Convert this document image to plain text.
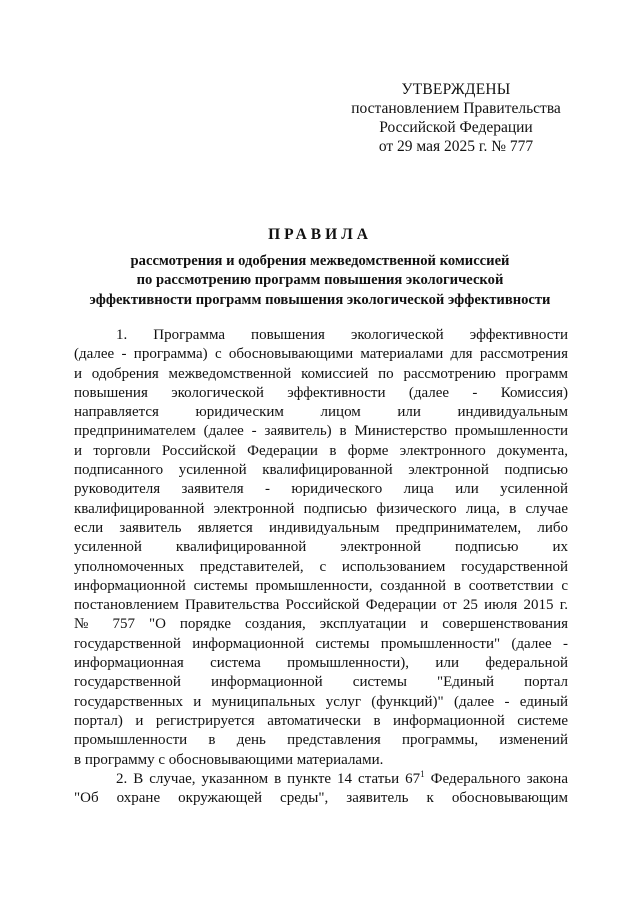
УТВЕРЖДЕНЫ
постановлением Правительства
Российской Федерации
от 29 мая 2025 г. № 777
ПРАВИЛА
рассмотрения и одобрения межведомственной комиссией
по рассмотрению программ повышения экологической
эффективности программ повышения экологической эффективности
1. Программа повышения экологической эффективности
(далее - программа) с обосновывающими материалами для рассмотрения
и одобрения межведомственной комиссией по рассмотрению программ
повышения экологической эффективности (далее - Комиссия)
направляется юридическим лицом или индивидуальным
предпринимателем (далее - заявитель) в Министерство промышленности
и торговли Российской Федерации в форме электронного документа,
подписанного усиленной квалифицированной электронной подписью
руководителя заявителя - юридического лица или усиленной
квалифицированной электронной подписью физического лица, в случае
если заявитель является индивидуальным предпринимателем, либо
усиленной квалифицированной электронной подписью их
уполномоченных представителей, с использованием государственной
информационной системы промышленности, созданной в соответствии с
постановлением Правительства Российской Федерации от 25 июля 2015 г.
№ 757 "О порядке создания, эксплуатации и совершенствования
государственной информационной системы промышленности" (далее -
информационная система промышленности), или федеральной
государственной информационной системы "Единый портал
государственных и муниципальных услуг (функций)" (далее - единый
портал) и регистрируется автоматически в информационной системе
промышленности в день представления программы, изменений
в программу с обосновывающими материалами.
2. В случае, указанном в пункте 14 статьи $67^1$ Федерального закона
"Об охране окружающей среды", заявитель к обосновывающим
